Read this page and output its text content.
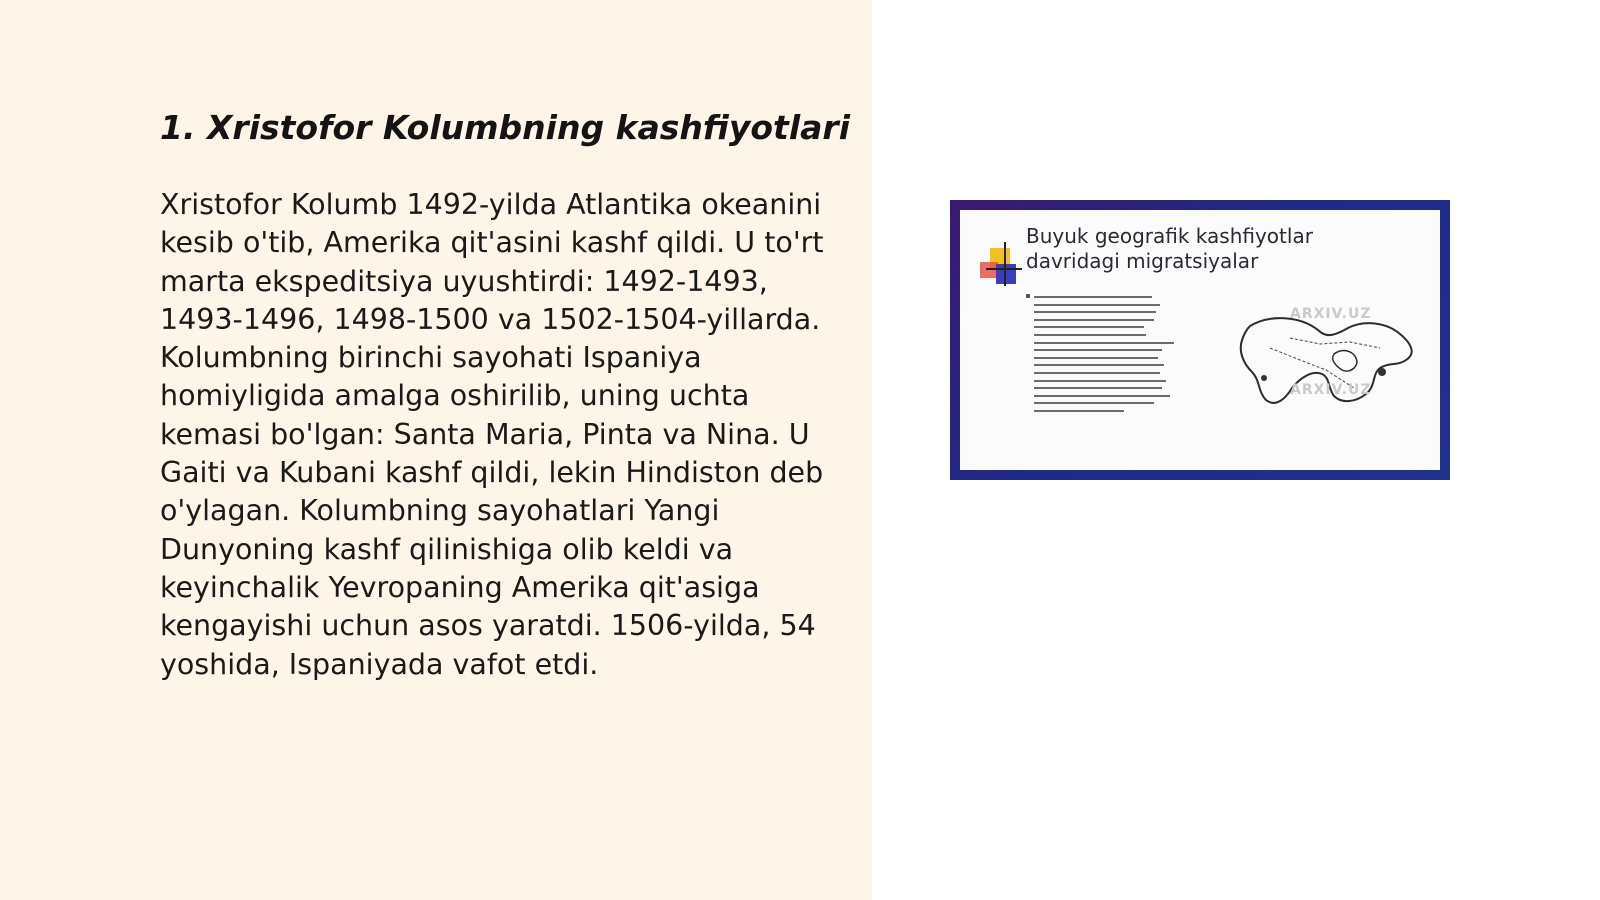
1. Xristofor Kolumbning kashfiyotlari

Xristofor Kolumb 1492-yilda Atlantika okeanini kesib o'tib, Amerika qit'asini kashf qildi. U to'rt marta ekspeditsiya uyushtirdi: 1492-1493, 1493-1496, 1498-1500 va 1502-1504-yillarda. Kolumbning birinchi sayohati Ispaniya homiyligida amalga oshirilib, uning uchta kemasi bo'lgan: Santa Maria, Pinta va Nina. U Gaiti va Kubani kashf qildi, lekin Hindiston deb o'ylagan. Kolumbning sayohatlari Yangi Dunyoning kashf qilinishiga olib keldi va keyinchalik Yevropaning Amerika qit'asiga kengayishi uchun asos yaratdi. 1506-yilda, 54 yoshida, Ispaniyada vafot etdi.

Buyuk geografik kashfiyotlar
davridagi migratsiyalar
ARXIV.UZ
ARXIV.UZ
